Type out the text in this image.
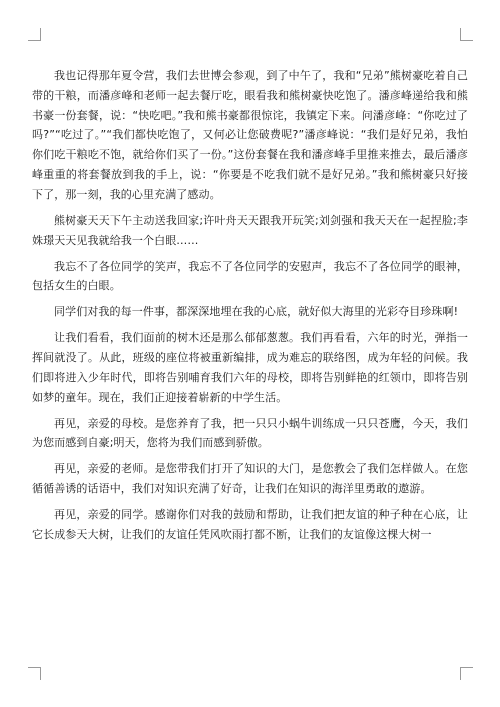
我也记得那年夏令营，我们去世博会参观，到了中午了，我和“兄弟”熊树豪吃着自己带的干粮，而潘彦峰和老师一起去餐厅吃，眼看我和熊树豪快吃饱了。潘彦峰递给我和熊书豪一份套餐，说：“快吃吧。”我和熊书豪都很惊诧，我镇定下来。问潘彦峰：“你吃过了吗?”“吃过了。”“我们都快吃饱了，又何必让您破费呢?”潘彦峰说：“我们是好兄弟，我怕你们吃干粮吃不饱，就给你们买了一份。”这份套餐在我和潘彦峰手里推来推去，最后潘彦峰重重的将套餐放到我的手上，说：“你要是不吃我们就不是好兄弟。”我和熊树豪只好接下了，那一刻，我的心里充满了感动。

熊树豪天天下午主动送我回家;许叶舟天天跟我开玩笑;刘剑强和我天天在一起捏脸;李姝璟天天见我就给我一个白眼……

我忘不了各位同学的笑声，我忘不了各位同学的安慰声，我忘不了各位同学的眼神，包括女生的白眼。

同学们对我的每一件事，都深深地埋在我的心底，就好似大海里的光彩夺目珍珠啊!

让我们看看，我们面前的树木还是那么郁郁葱葱。我们再看看，六年的时光，弹指一挥间就没了。从此，班级的座位将被重新编排，成为难忘的联络图，成为年轻的问候。我们即将进入少年时代，即将告别哺育我们六年的母校，即将告别鲜艳的红领巾，即将告别如梦的童年。现在，我们正迎接着崭新的中学生活。

再见，亲爱的母校。是您养育了我，把一只只小蜗牛训练成一只只苍鹰，今天，我们为您而感到自豪;明天，您将为我们而感到骄傲。

再见，亲爱的老师。是您带我们打开了知识的大门，是您教会了我们怎样做人。在您循循善诱的话语中，我们对知识充满了好奇，让我们在知识的海洋里勇敢的遨游。

再见，亲爱的同学。感谢你们对我的鼓励和帮助，让我们把友谊的种子种在心底，让它长成参天大树，让我们的友谊任凭风吹雨打都不断，让我们的友谊像这棵大树一
